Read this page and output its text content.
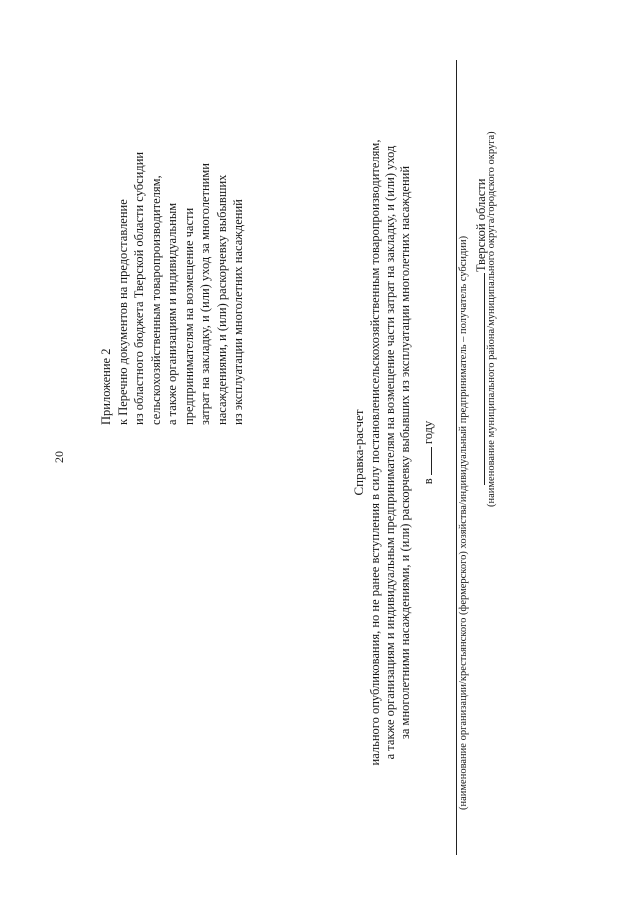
20
Приложение 2 к Перечню документов на предоставление из областного бюджета Тверской области субсидии сельскохозяйственным товаропроизводителям, а также организациям и индивидуальным предпринимателям на возмещение части затрат на закладку, и (или) уход за многолетними насаждениями, и (или) раскорчевку выбывших из эксплуатации многолетних насаждений
Справка-расчет иального опубликования, но не ранее вступления в силу постановленисельскохозяйственным товаропроизводителям, а также организациям и индивидуальным предпринимателям на возмещение части затрат на закладку, и (или) уход за многолетними насаждениями, и (или) раскорчевку выбывших из эксплуатации многолетних насаждений в  году (наименование организации/крестьянского (фермерского) хозяйства/индивидуальный предприниматель – получатель субсидии)
Тверской области
(наименование муниципального района/муниципального округа/городского округа)
